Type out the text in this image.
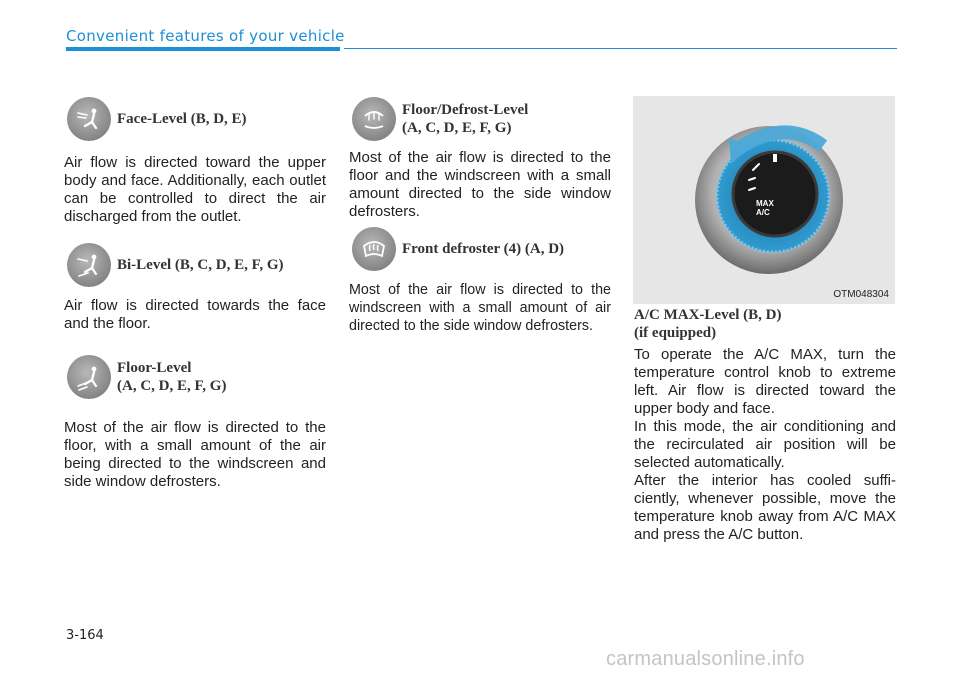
Convenient features of your vehicle
Face-Level (B, D, E)
Air flow is directed toward the upper body and face. Additionally, each outlet can be controlled to direct the air discharged from the outlet.
Bi-Level (B, C, D, E, F, G)
Air flow is directed towards the face and the floor.
Floor-Level
(A, C, D, E, F, G)
Most of the air flow is directed to the floor, with a small amount of the air being directed to the windscreen and side window defrosters.
Floor/Defrost-Level
(A, C, D, E, F, G)
Most of the air flow is directed to the floor and the windscreen with a small amount directed to the side window defrosters.
Front defroster (4) (A, D)
Most of the air flow is directed to the windscreen with a small amount of air directed to the side window defrosters.
MAX
A/C
OTM048304
A/C MAX-Level (B, D)
(if equipped)
To operate the A/C MAX, turn the temperature control knob to extreme left. Air flow is directed toward the upper body and face.
In this mode, the air conditioning and the recirculated air position will be selected automatically.
After the interior has cooled suffi-ciently, whenever possible, move the temperature knob away from A/C MAX and press the A/C button.
3-164
carmanualsonline.info
